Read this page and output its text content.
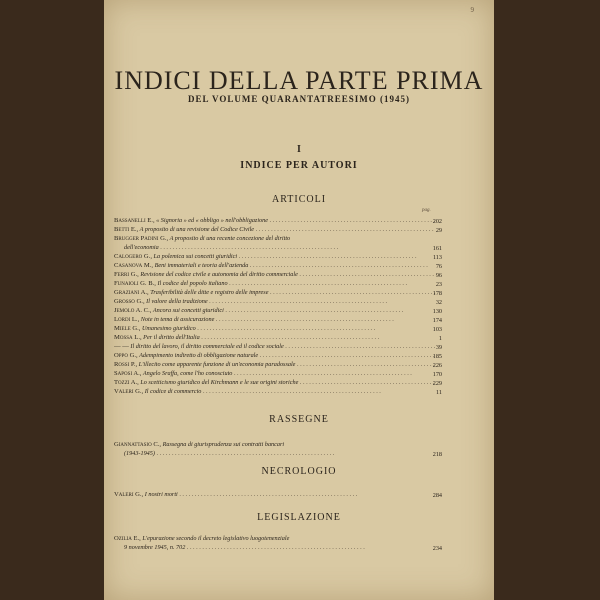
9
INDICI DELLA PARTE PRIMA
DEL VOLUME QUARANTATREESIMO (1945)
I
INDICE PER AUTORI
ARTICOLI
pag.
Bassanelli E., « Signoria » ed « obbligo » nell'obbligazione . . .	202
Betti E., A proposito di una revisione del Codice Civile . . .	29
Brugger Padini G., A proposito di una recente concezione del diritto
dell'economia . . .	161
Calogero G., La polemica sui concetti giuridici . . .	113
Casanova M., Beni immateriali e teoria dell'azienda . . .	76
Ferri G., Revisione del codice civile e autonomia del diritto commerciale . . .	96
Funaioli G. B., Il codice del popolo italiano . . .	23
Graziani A., Trasferibilità delle ditte e registro delle imprese . . .	178
Grosso G., Il valore della tradizione . . .	32
Jemolo A. C., Ancora sui concetti giuridici . . .	130
Lordi L., Note in tema di assicurazione . . .	174
Miele G., Umanesimo giuridico . . .	103
Mossa L., Per il diritto dell'Italia . . .	1
— — Il diritto del lavoro, il diritto commerciale ed il codice sociale . . .	39
Oppo G., Adempimento indiretto di obbligazione naturale . . .	185
Rossi P., L'illecito come apparente funzione di un'economia paradossale . . .	226
Saposi A., Angelo Sraffa, come l'ho conosciuto . . .	170
Tozzi A., Lo scetticismo giuridico del Kirchmann e le sue origini storiche . . .	229
Valeri G., Il codice di commercio . . .	11
RASSEGNE
Giannattasio C., Rassegna di giurisprudenza sui contratti bancari
(1943-1945) . . .	218
NECROLOGIO
Valeri G., I nostri morti . . .	284
LEGISLAZIONE
Ozilia E., L'epurazione secondo il decreto legislativo luogotenenziale
9 novembre 1945, n. 702 . . .	234
